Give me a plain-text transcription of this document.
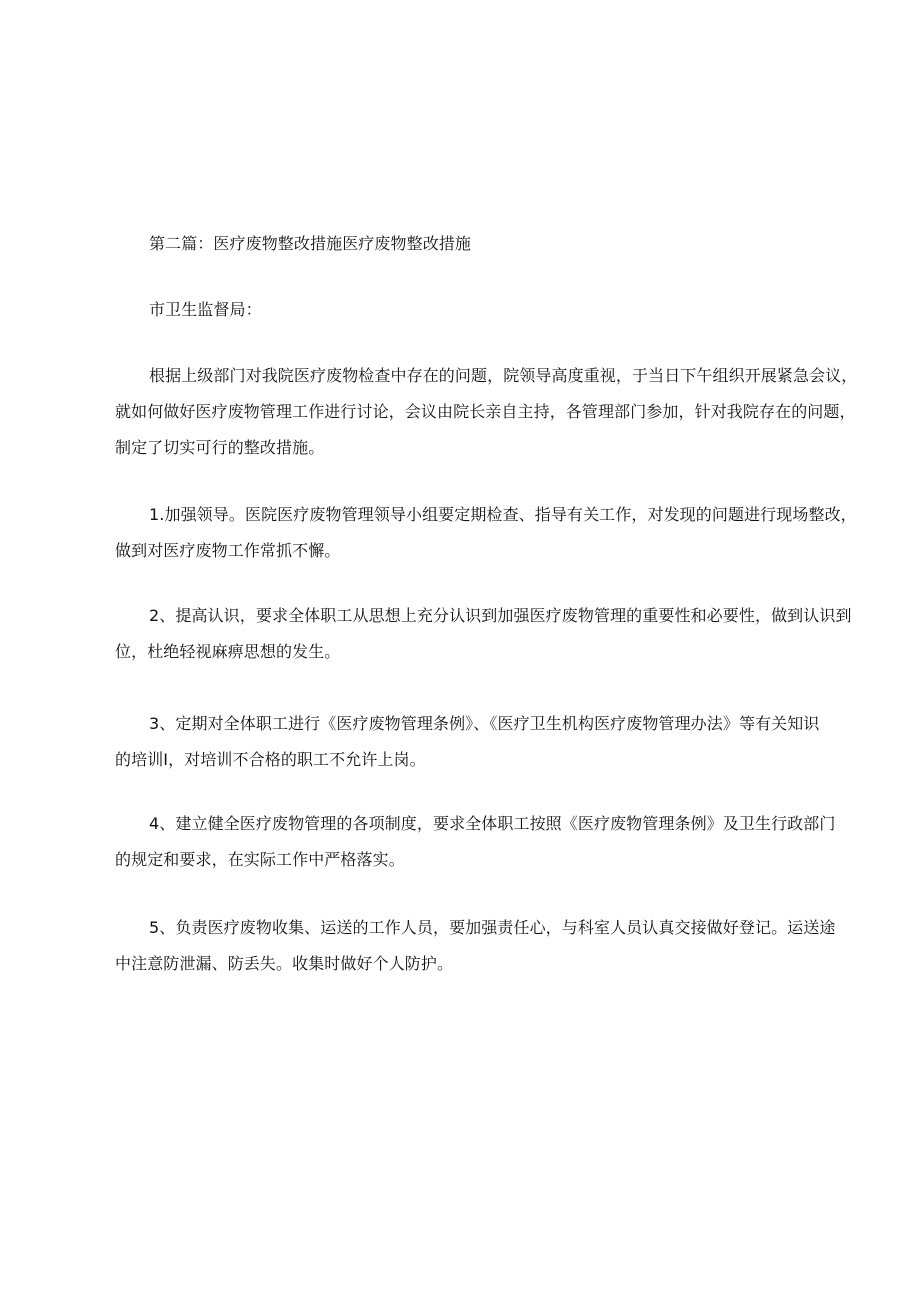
第二篇：医疗废物整改措施医疗废物整改措施

市卫生监督局：

根据上级部门对我院医疗废物检查中存在的问题，院领导高度重视，于当日下午组织开展紧急会议，
就如何做好医疗废物管理工作进行讨论，会议由院长亲自主持，各管理部门参加，针对我院存在的问题，
制定了切实可行的整改措施。

1.加强领导。医院医疗废物管理领导小组要定期检查、指导有关工作，对发现的问题进行现场整改，
做到对医疗废物工作常抓不懈。

2、提高认识，要求全体职工从思想上充分认识到加强医疗废物管理的重要性和必要性，做到认识到
位，杜绝轻视麻痹思想的发生。

3、定期对全体职工进行《医疗废物管理条例》、《医疗卫生机构医疗废物管理办法》等有关知识
的培训Ⅰ，对培训不合格的职工不允许上岗。

4、建立健全医疗废物管理的各项制度，要求全体职工按照《医疗废物管理条例》及卫生行政部门
的规定和要求，在实际工作中严格落实。

5、负责医疗废物收集、运送的工作人员，要加强责任心，与科室人员认真交接做好登记。运送途
中注意防泄漏、防丢失。收集时做好个人防护。
